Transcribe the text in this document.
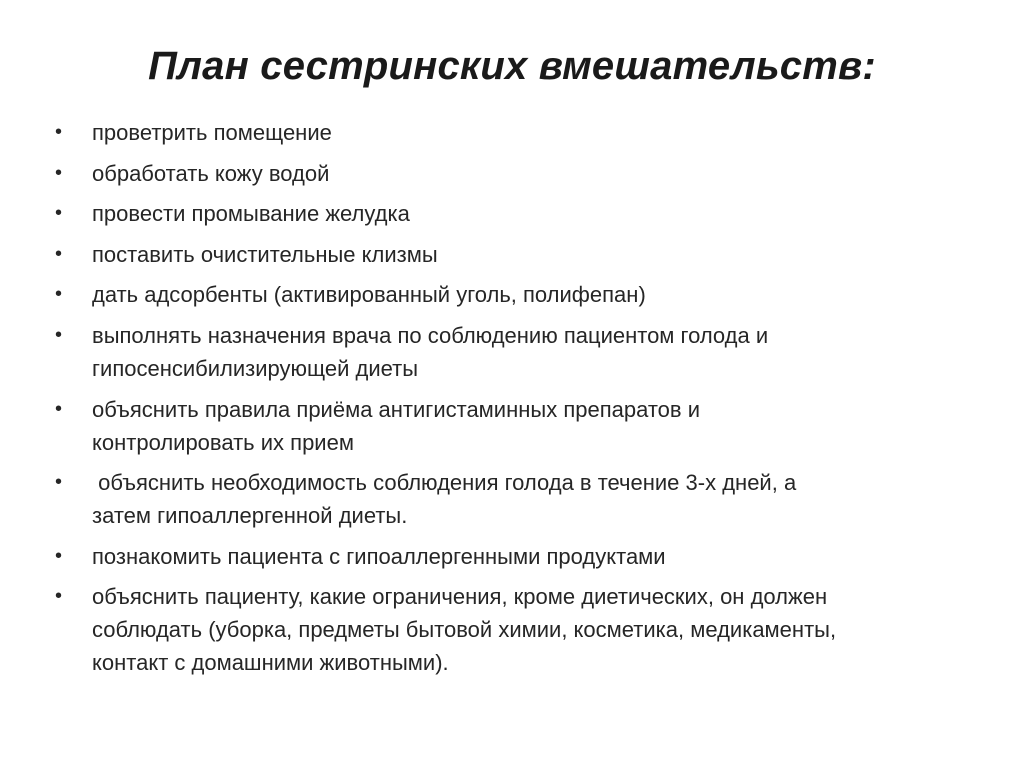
План сестринских вмешательств:
• проветрить помещение
• обработать кожу водой
• провести промывание желудка
• поставить очистительные клизмы
• дать адсорбенты (активированный уголь, полифепан)
• выполнять назначения врача по соблюдению пациентом голода и
гипосенсибилизирующей диеты
• объяснить правила приёма антигистаминных препаратов и
контролировать их прием
• объяснить необходимость соблюдения голода в течение 3-х дней, а
затем гипоаллергенной диеты.
• познакомить пациента с гипоаллергенными продуктами
• объяснить пациенту, какие ограничения, кроме диетических, он должен
соблюдать (уборка, предметы бытовой химии, косметика, медикаменты,
контакт с домашними животными).
